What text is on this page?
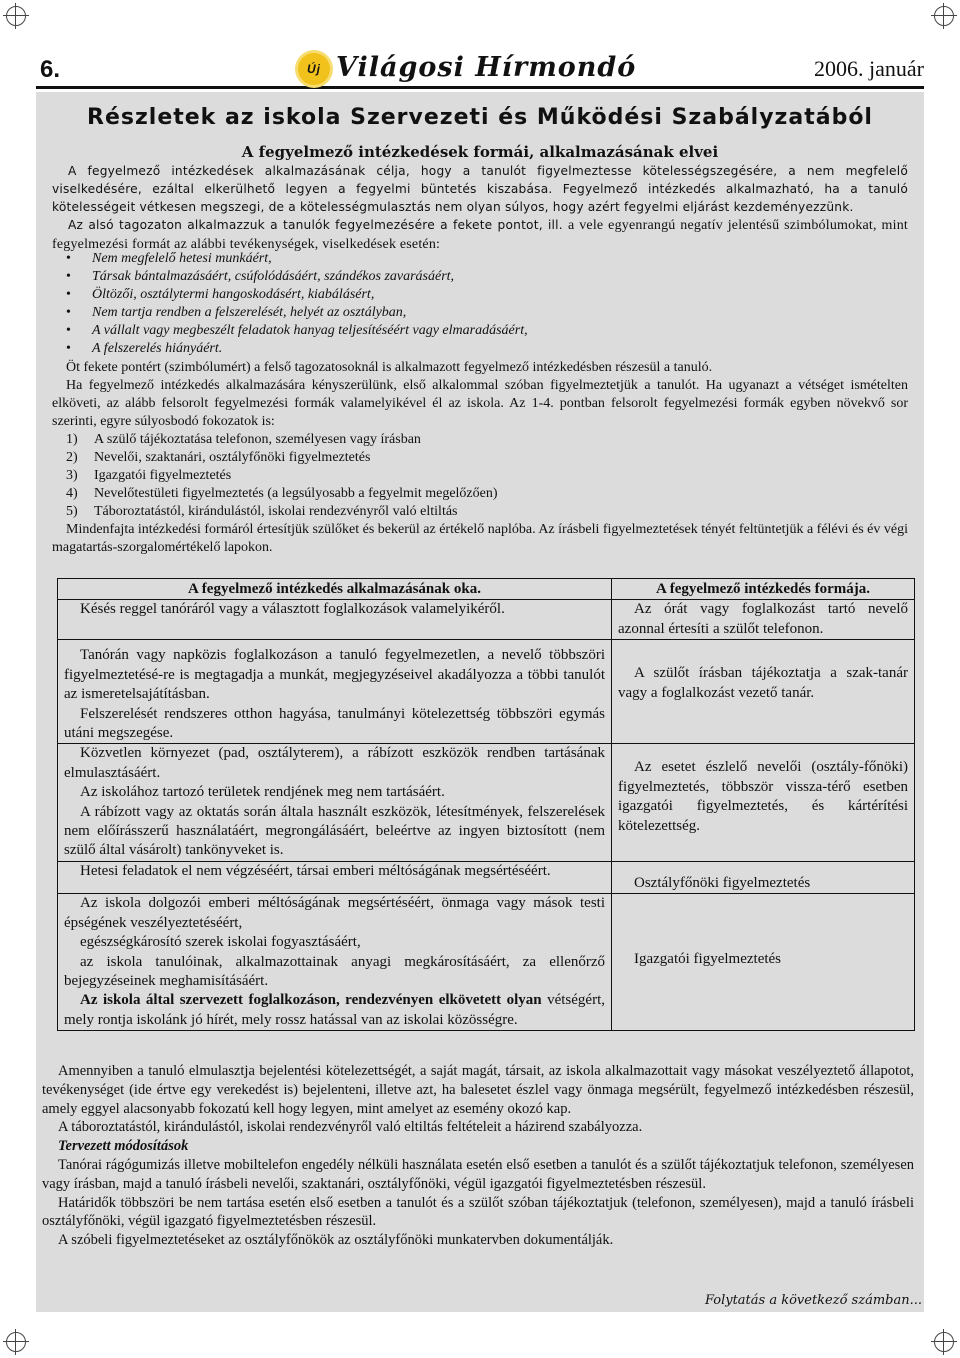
6.	Új Világosi Hírmondó	2006. január
Részletek az iskola Szervezeti és Működési Szabályzatából
A fegyelmező intézkedések formái, alkalmazásának elvei

A fegyelmező intézkedések alkalmazásának célja, hogy a tanulót figyelmeztesse kötelességszegésére, a nem megfelelő viselkedésére, ezáltal elkerülhető legyen a fegyelmi büntetés kiszabása. Fegyelmező intézkedés alkalmazható, ha a tanuló kötelességeit vétkesen megszegi, de a kötelességmulasztás nem olyan súlyos, hogy azért fegyelmi eljárást kezdeményezzünk.

Az alsó tagozaton alkalmazzuk a tanulók fegyelmezésére a fekete pontot, ill. a vele egyenrangú negatív jelentésű szimbólumokat, mint fegyelmezési formát az alábbi tevékenységek, viselkedések esetén:

• Nem megfelelő hetesi munkáért,
• Társak bántalmazásáért, csúfolódásáért, szándékos zavarásáért,
• Öltözői, osztálytermi hangoskodásért, kiabálásért,
• Nem tartja rendben a felszerelését, helyét az osztályban,
• A vállalt vagy megbeszélt feladatok hanyag teljesítéséért vagy elmaradásáért,
• A felszerelés hiányáért.

Öt fekete pontért (szimbólumért) a felső tagozatosoknál is alkalmazott fegyelmező intézkedésben részesül a tanuló.

Ha fegyelmező intézkedés alkalmazására kényszerülünk, első alkalommal szóban figyelmeztetjük a tanulót. Ha ugyanazt a vétséget ismételten elköveti, az alább felsorolt fegyelmezési formák valamelyikével él az iskola. Az 1-4. pontban felsorolt fegyelmezési formák egyben növekvő sor szerinti, egyre súlyosbodó fokozatok is:

1) A szülő tájékoztatása telefonon, személyesen vagy írásban
2) Nevelői, szaktanári, osztályfőnöki figyelmeztetés
3) Igazgatói figyelmeztetés
4) Nevelőtestületi figyelmeztetés (a legsúlyosabb a fegyelmit megelőzően)
5) Táboroztatástól, kirándulástól, iskolai rendezvényről való eltiltás

Mindenfajta intézkedési formáról értesítjük szülőket és bekerül az értékelő naplóba. Az írásbeli figyelmeztetések tényét feltüntetjük a félévi és év végi magatartás-szorgalomértékelő lapokon.

A fegyelmező intézkedés alkalmazásának oka.	A fegyelmező intézkedés formája.

Késés reggel tanóráról vagy a választott foglalkozások valamelyikéről.	Az órát vagy foglalkozást tartó nevelő azonnal értesíti a szülőt telefonon.

Tanórán vagy napközis foglalkozáson a tanuló fegyelmezetlen, a nevelő többszöri figyelmeztetésé-re is megtagadja a munkát, megjegyzéseivel akadályozza a többi tanulót az ismeretelsajátításban.

Felszerelését rendszeres otthon hagyása, tanulmányi kötelezettség többszöri egymás utáni megszegése.	A szülőt írásban tájékoztatja a szak-tanár vagy a foglalkozást vezető tanár.

Közvetlen környezet (pad, osztályterem), a rábízott eszközök rendben tartásának elmulasztásáért.

Az iskolához tartozó területek rendjének meg nem tartásáért.

A rábízott vagy az oktatás során általa használt eszközök, létesítmények, felszerelések nem előírásszerű használatáért, megrongálásáért, beleértve az ingyen biztosított (nem szülő által vásárolt) tankönyveket is.	Az esetet észlelő nevelői (osztály-főnöki) figyelmeztetés, többször vissza-térő esetben igazgatói figyelmeztetés, és kártérítési kötelezettség.

Hetesi feladatok el nem végzéséért, társai emberi méltóságának megsértéséért.	Osztályfőnöki figyelmeztetés

Az iskola dolgozói emberi méltóságának megsértéséért, önmaga vagy mások testi épségének veszélyeztetéséért,

egészségkárosító szerek iskolai fogyasztásáért,

az iskola tanulóinak, alkalmazottainak anyagi megkárosításáért, za ellenőrző bejegyzéseinek meghamisításáért.

Az iskola által szervezett foglalkozáson, rendezvényen elkövetett olyan vétségért, mely rontja iskolánk jó hírét, mely rossz hatással van az iskolai közösségre.	Igazgatói figyelmeztetés

Amennyiben a tanuló elmulasztja bejelentési kötelezettségét, a saját magát, társait, az iskola alkalmazottait vagy másokat veszélyeztető állapotot, tevékenységet (ide értve egy verekedést is) bejelenteni, illetve azt, ha balesetet észlel vagy önmaga megsérült, fegyelmező intézkedésben részesül, amely eggyel alacsonyabb fokozatú kell hogy legyen, mint amelyet az esemény okozó kap.

A táboroztatástól, kirándulástól, iskolai rendezvényről való eltiltás feltételeit a házirend szabályozza.

Tervezett módosítások

Tanórai rágógumizás illetve mobiltelefon engedély nélküli használata esetén első esetben a tanulót és a szülőt tájékoztatjuk telefonon, személyesen vagy írásban, majd a tanuló írásbeli nevelői, szaktanári, osztályfőnöki, végül igazgatói figyelmeztetésben részesül.

Határidők többszöri be nem tartása esetén első esetben a tanulót és a szülőt szóban tájékoztatjuk (telefonon, személyesen), majd a tanuló írásbeli osztályfőnöki, végül igazgató figyelmeztetésben részesül.

A szóbeli figyelmeztetéseket az osztályfőnökök az osztályfőnöki munkatervben dokumentálják.

Folytatás a következő számban...
